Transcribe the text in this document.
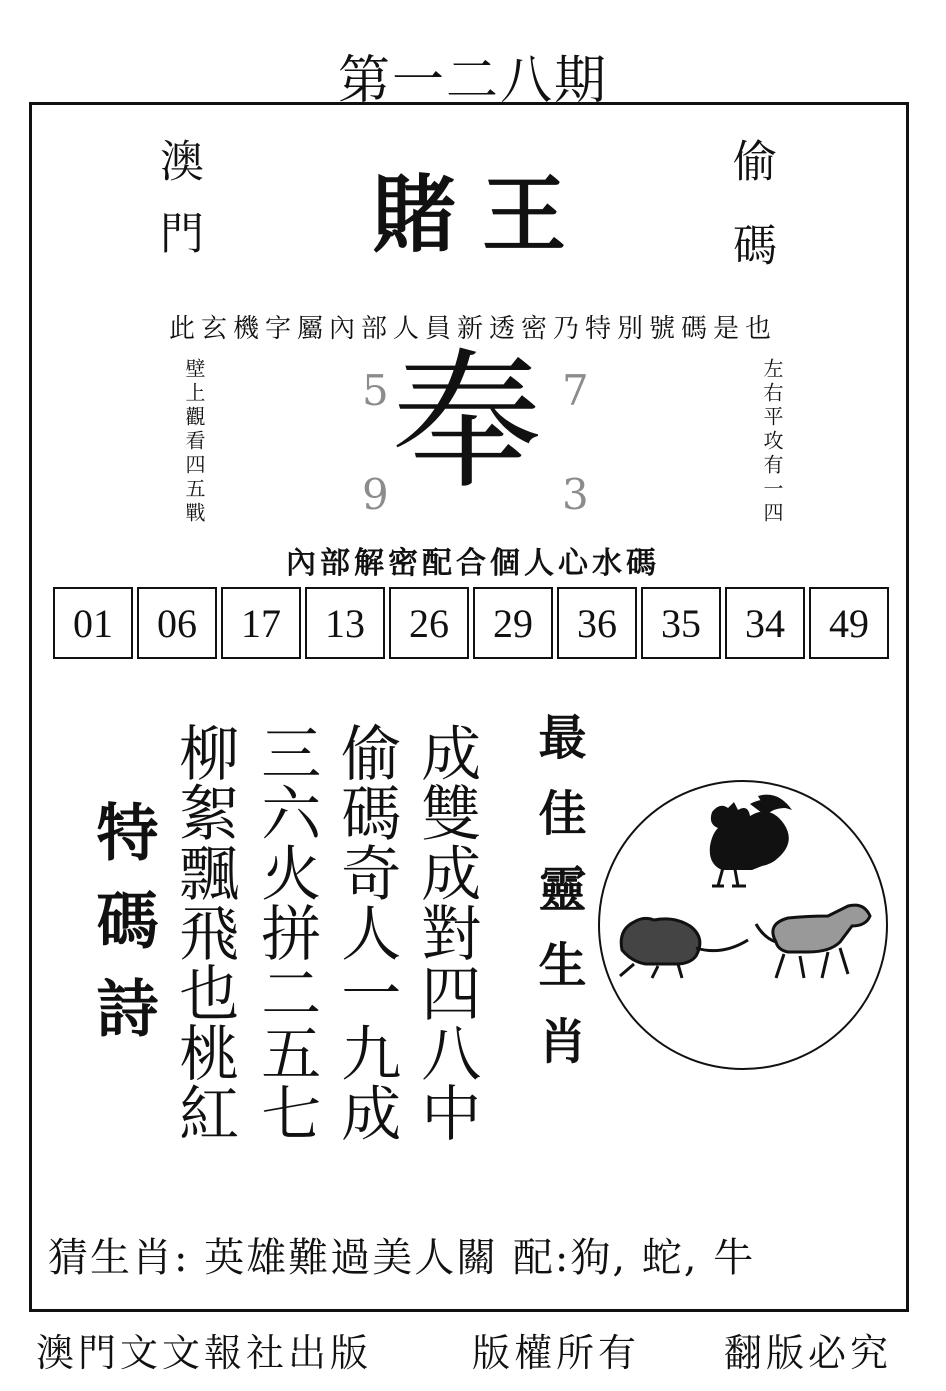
第一二八期
澳門	偷碼
賭王
此玄機字屬內部人員新透密乃特別號碼是也
壁上觀看四五戰	左右平攻有一四
5	7
9	3
奉
內部解密配合個人心水碼
01	06	17	13	26	29	36	35	34	49
特碼詩 柳絮飄飛也桃紅 三六火拼二五七 偷碼奇人一九成 成雙成對四八中 最佳靈生肖
猜生肖: 英雄難過美人關 配:狗, 蛇, 牛
澳門文文報社出版	版權所有 翻版必究
